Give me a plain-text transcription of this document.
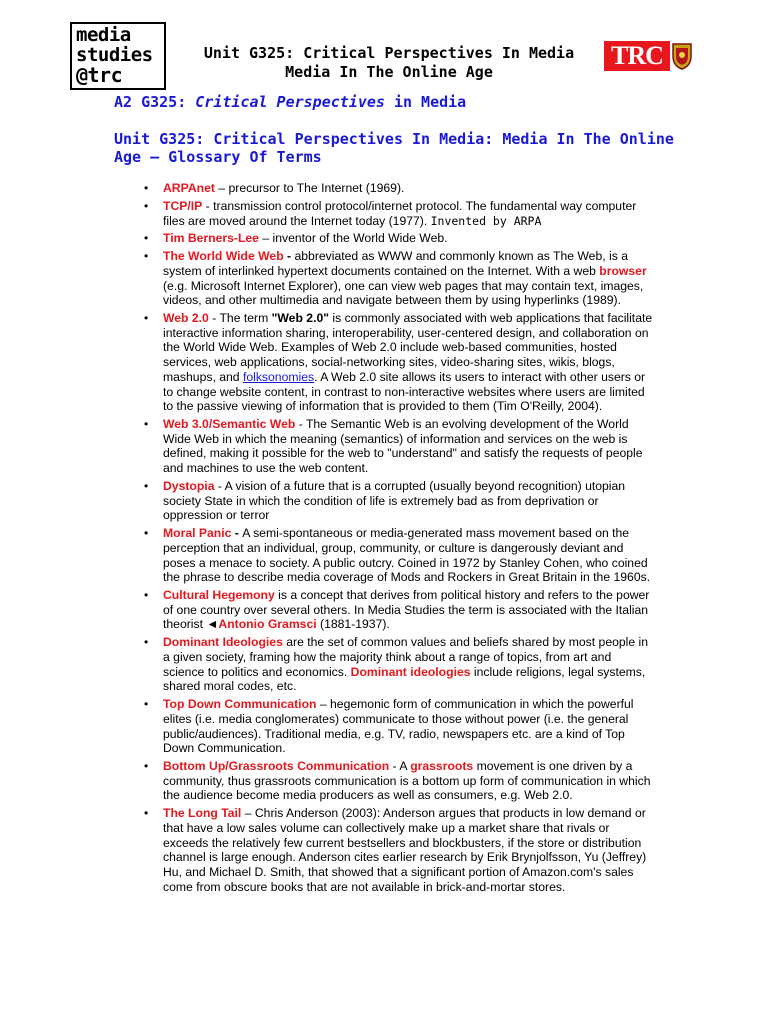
media
studies
@trc
Unit G325: Critical Perspectives In Media
Media In The Online Age
TRC
A2 G325: Critical Perspectives in Media
Unit G325: Critical Perspectives In Media: Media In The Online Age – Glossary Of Terms
• ARPAnet – precursor to The Internet (1969).
• TCP/IP - transmission control protocol/internet protocol. The fundamental way computer files are moved around the Internet today (1977). Invented by ARPA
• Tim Berners-Lee – inventor of the World Wide Web.
• The World Wide Web - abbreviated as WWW and commonly known as The Web, is a system of interlinked hypertext documents contained on the Internet. With a web browser (e.g. Microsoft Internet Explorer), one can view web pages that may contain text, images, videos, and other multimedia and navigate between them by using hyperlinks (1989).
• Web 2.0 - The term "Web 2.0" is commonly associated with web applications that facilitate interactive information sharing, interoperability, user-centered design, and collaboration on the World Wide Web. Examples of Web 2.0 include web-based communities, hosted services, web applications, social-networking sites, video-sharing sites, wikis, blogs, mashups, and folksonomies. A Web 2.0 site allows its users to interact with other users or to change website content, in contrast to non-interactive websites where users are limited to the passive viewing of information that is provided to them (Tim O'Reilly, 2004).
• Web 3.0/Semantic Web - The Semantic Web is an evolving development of the World Wide Web in which the meaning (semantics) of information and services on the web is defined, making it possible for the web to "understand" and satisfy the requests of people and machines to use the web content.
• Dystopia - A vision of a future that is a corrupted (usually beyond recognition) utopian society State in which the condition of life is extremely bad as from deprivation or oppression or terror
• Moral Panic - A semi-spontaneous or media-generated mass movement based on the perception that an individual, group, community, or culture is dangerously deviant and poses a menace to society. A public outcry. Coined in 1972 by Stanley Cohen, who coined the phrase to describe media coverage of Mods and Rockers in Great Britain in the 1960s.
• Cultural Hegemony is a concept that derives from political history and refers to the power of one country over several others. In Media Studies the term is associated with the Italian theorist ◄Antonio Gramsci (1881-1937).
• Dominant Ideologies are the set of common values and beliefs shared by most people in a given society, framing how the majority think about a range of topics, from art and science to politics and economics. Dominant ideologies include religions, legal systems, shared moral codes, etc.
• Top Down Communication – hegemonic form of communication in which the powerful elites (i.e. media conglomerates) communicate to those without power (i.e. the general public/audiences). Traditional media, e.g. TV, radio, newspapers etc. are a kind of Top Down Communication.
• Bottom Up/Grassroots Communication - A grassroots movement is one driven by a community, thus grassroots communication is a bottom up form of communication in which the audience become media producers as well as consumers, e.g. Web 2.0.
• The Long Tail – Chris Anderson (2003): Anderson argues that products in low demand or that have a low sales volume can collectively make up a market share that rivals or exceeds the relatively few current bestsellers and blockbusters, if the store or distribution channel is large enough. Anderson cites earlier research by Erik Brynjolfsson, Yu (Jeffrey) Hu, and Michael D. Smith, that showed that a significant portion of Amazon.com's sales come from obscure books that are not available in brick-and-mortar stores.
